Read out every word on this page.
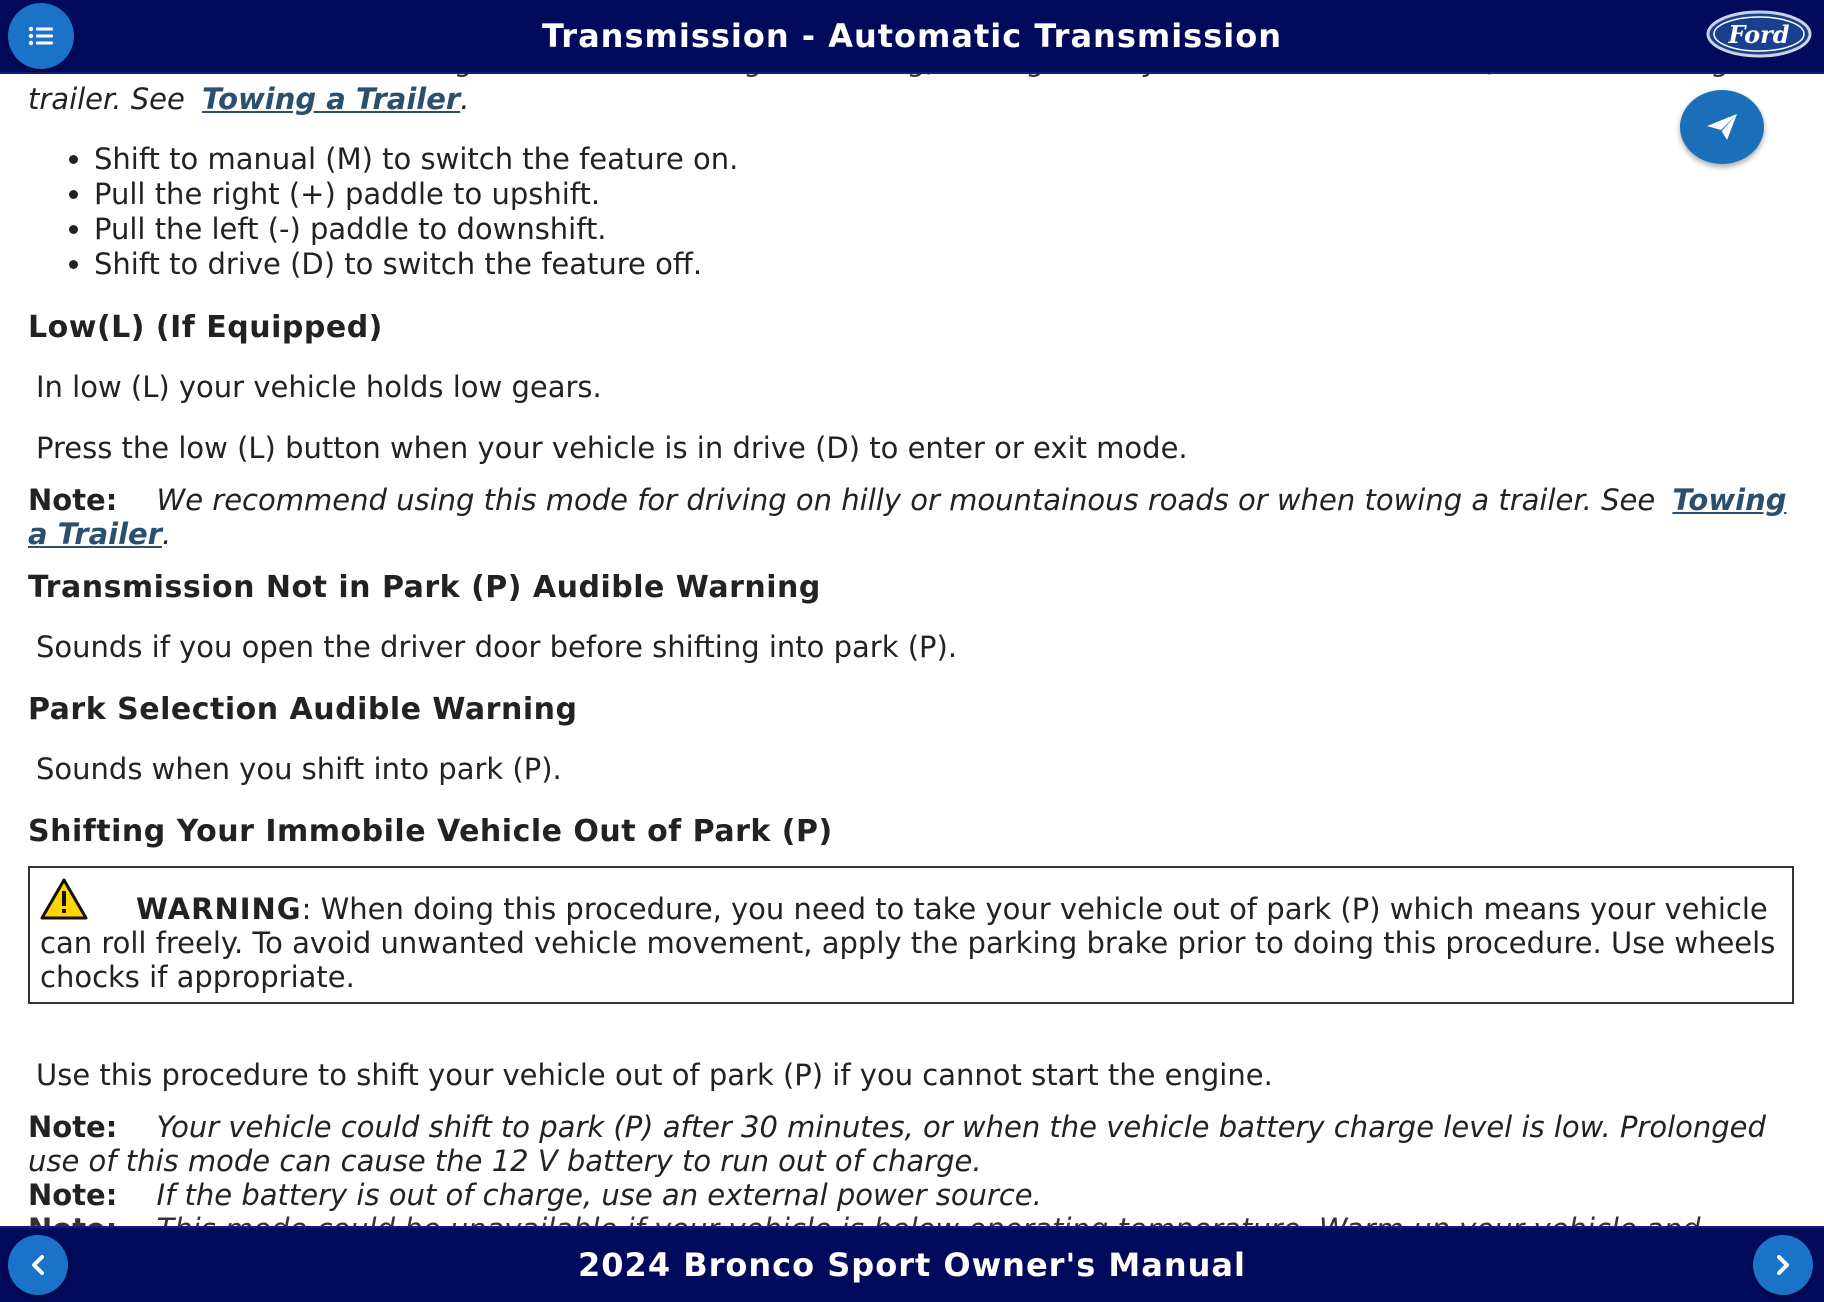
trailer. See Towing a Trailer.
• Shift to manual (M) to switch the feature on.
• Pull the right (+) paddle to upshift.
• Pull the left (-) paddle to downshift.
• Shift to drive (D) to switch the feature off.
Low(L) (If Equipped)
In low (L) your vehicle holds low gears.
Press the low (L) button when your vehicle is in drive (D) to enter or exit mode.
Note: We recommend using this mode for driving on hilly or mountainous roads or when towing a trailer. See Towing
a Trailer.
Transmission Not in Park (P) Audible Warning
Sounds if you open the driver door before shifting into park (P).
Park Selection Audible Warning
Sounds when you shift into park (P).
Shifting Your Immobile Vehicle Out of Park (P)
WARNING: When doing this procedure, you need to take your vehicle out of park (P) which means your vehicle can roll freely. To avoid unwanted vehicle movement, apply the parking brake prior to doing this procedure. Use wheels chocks if appropriate.
Use this procedure to shift your vehicle out of park (P) if you cannot start the engine.
Note: Your vehicle could shift to park (P) after 30 minutes, or when the vehicle battery charge level is low. Prolonged
use of this mode can cause the 12 V battery to run out of charge.
Note: If the battery is out of charge, use an external power source.
Transmission - Automatic Transmission	Ford
2024 Bronco Sport Owner's Manual
